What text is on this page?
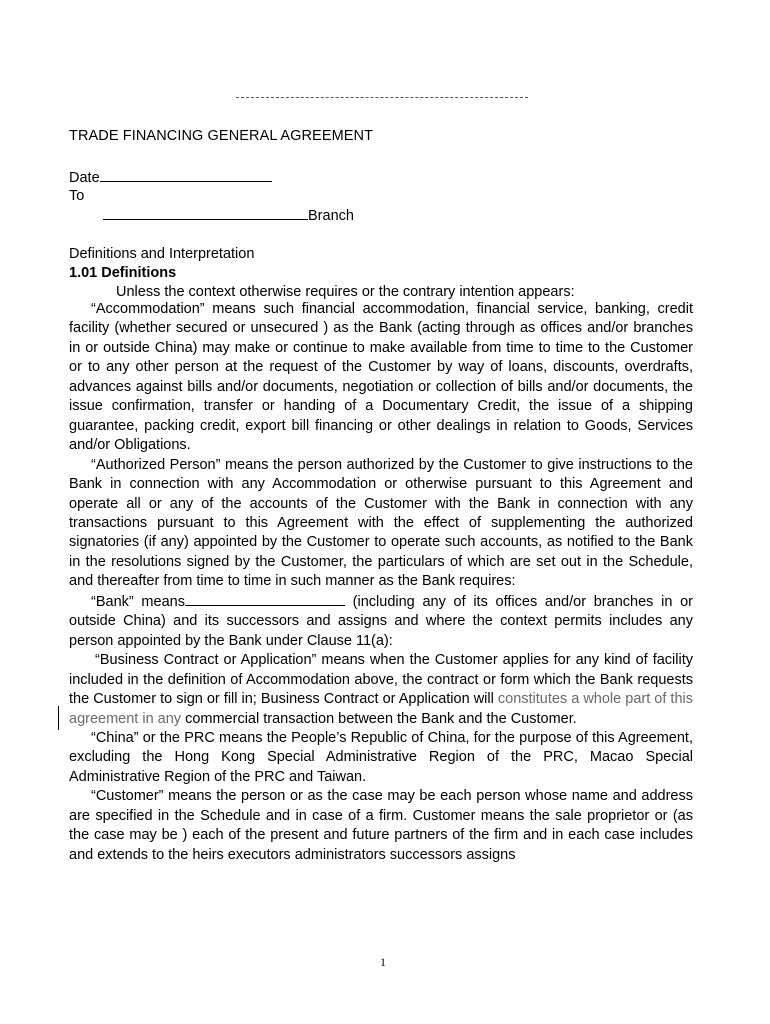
TRADE FINANCING GENERAL AGREEMENT
Date
To
Branch
Definitions and Interpretation
1.01 Definitions
Unless the context otherwise requires or the contrary intention appears:

“Accommodation” means such financial accommodation, financial service, banking, credit facility (whether secured or unsecured ) as the Bank (acting through as offices and/or branches in or outside China) may make or continue to make available from time to time to the Customer or to any other person at the request of the Customer by way of loans, discounts, overdrafts, advances against bills and/or documents, negotiation or collection of bills and/or documents, the issue confirmation, transfer or handing of a Documentary Credit, the issue of a shipping guarantee, packing credit, export bill financing or other dealings in relation to Goods, Services and/or Obligations.

“Authorized Person” means the person authorized by the Customer to give instructions to the Bank in connection with any Accommodation or otherwise pursuant to this Agreement and operate all or any of the accounts of the Customer with the Bank in connection with any transactions pursuant to this Agreement with the effect of supplementing the authorized signatories (if any) appointed by the Customer to operate such accounts, as notified to the Bank in the resolutions signed by the Customer, the particulars of which are set out in the Schedule, and thereafter from time to time in such manner as the Bank requires:

“Bank” means	(including any of its offices and/or branches in or outside China) and its successors and assigns and where the context permits includes any person appointed by the Bank under Clause 11(a):

“Business Contract or Application” means when the Customer applies for any kind of facility included in the definition of Accommodation above, the contract or form which the Bank requests the Customer to sign or fill in; Business Contract or Application will constitutes a whole part of this agreement in any commercial transaction between the Bank and the Customer.

“China” or the PRC means the People’s Republic of China, for the purpose of this Agreement, excluding the Hong Kong Special Administrative Region of the PRC, Macao Special Administrative Region of the PRC and Taiwan.

“Customer” means the person or as the case may be each person whose name and address are specified in the Schedule and in case of a firm. Customer means the sale proprietor or (as the case may be ) each of the present and future partners of the firm and in each case includes and extends to the heirs executors administrators successors assigns

1
